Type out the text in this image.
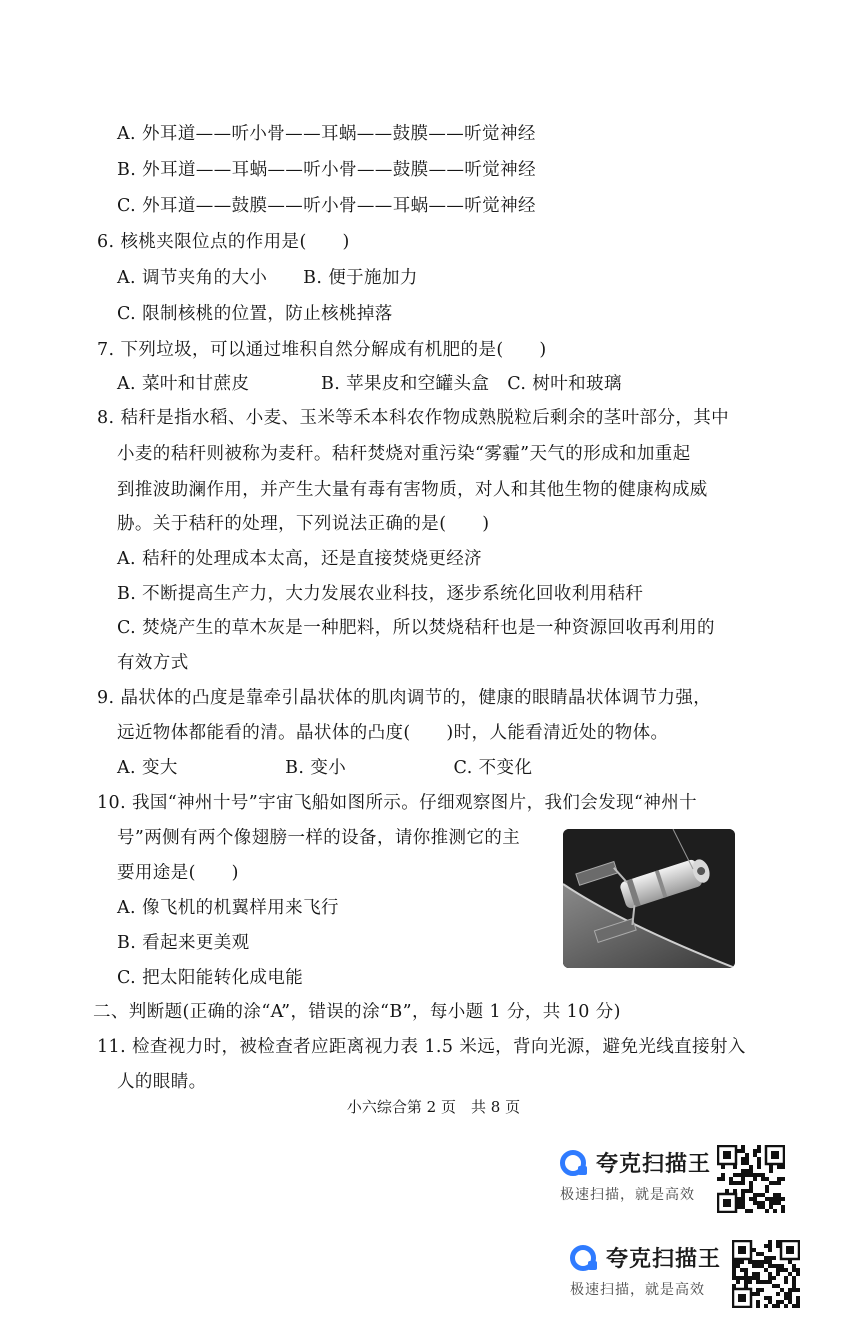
A. 外耳道——听小骨——耳蜗——鼓膜——听觉神经
B. 外耳道——耳蜗——听小骨——鼓膜——听觉神经
C. 外耳道——鼓膜——听小骨——耳蜗——听觉神经
6. 核桃夹限位点的作用是(　　)
A. 调节夹角的大小　　B. 便于施加力
C. 限制核桃的位置，防止核桃掉落
7. 下列垃圾，可以通过堆积自然分解成有机肥的是(　　)
A. 菜叶和甘蔗皮　　　　B. 苹果皮和空罐头盒　C. 树叶和玻璃
8. 秸秆是指水稻、小麦、玉米等禾本科农作物成熟脱粒后剩余的茎叶部分，其中
小麦的秸秆则被称为麦秆。秸秆焚烧对重污染“雾霾”天气的形成和加重起
到推波助澜作用，并产生大量有毒有害物质，对人和其他生物的健康构成威
胁。关于秸秆的处理，下列说法正确的是(　　)
A. 秸秆的处理成本太高，还是直接焚烧更经济
B. 不断提高生产力，大力发展农业科技，逐步系统化回收利用秸秆
C. 焚烧产生的草木灰是一种肥料，所以焚烧秸秆也是一种资源回收再利用的
有效方式
9. 晶状体的凸度是靠牵引晶状体的肌肉调节的，健康的眼睛晶状体调节力强，
远近物体都能看的清。晶状体的凸度(　　)时，人能看清近处的物体。
A. 变大　　　　　　B. 变小　　　　　　C. 不变化
10. 我国“神州十号”宇宙飞船如图所示。仔细观察图片，我们会发现“神州十
号”两侧有两个像翅膀一样的设备，请你推测它的主
要用途是(　　)
A. 像飞机的机翼样用来飞行
B. 看起来更美观
C. 把太阳能转化成电能
二、判断题(正确的涂“A”，错误的涂“B”，每小题 1 分，共 10 分)
11. 检查视力时，被检查者应距离视力表 1.5 米远，背向光源，避免光线直接射入
人的眼睛。
小六综合第 2 页　共 8 页
夸克扫描王
极速扫描，就是高效
夸克扫描王
极速扫描，就是高效
